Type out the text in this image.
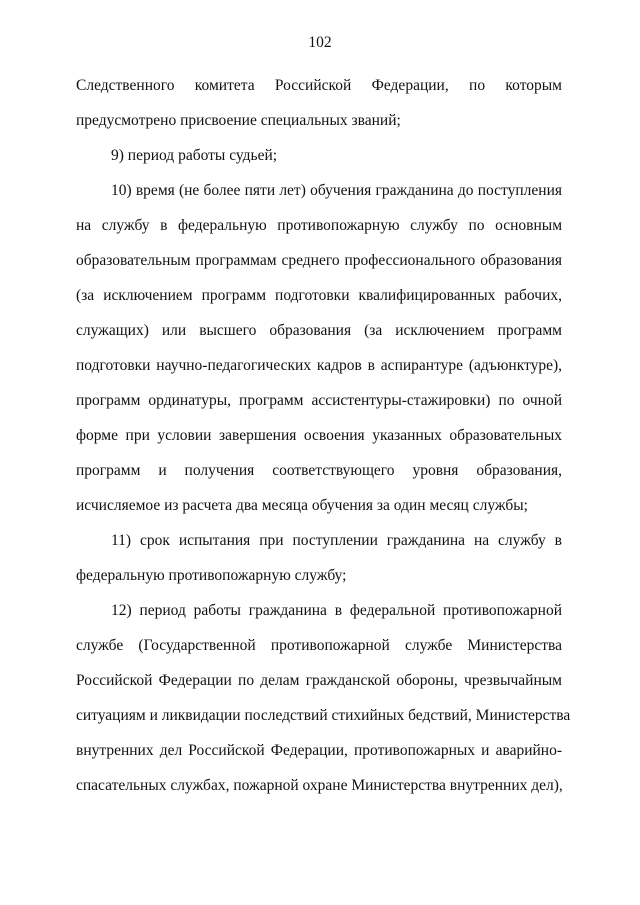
102
Следственного комитета Российской Федерации, по которым
предусмотрено присвоение специальных званий;
9) период работы судьей;
10) время (не более пяти лет) обучения гражданина до поступления
на службу в федеральную противопожарную службу по основным
образовательным программам среднего профессионального образования
(за исключением программ подготовки квалифицированных рабочих,
служащих) или высшего образования (за исключением программ
подготовки научно-педагогических кадров в аспирантуре (адъюнктуре),
программ ординатуры, программ ассистентуры-стажировки) по очной
форме при условии завершения освоения указанных образовательных
программ и получения соответствующего уровня образования,
исчисляемое из расчета два месяца обучения за один месяц службы;
11) срок испытания при поступлении гражданина на службу в
федеральную противопожарную службу;
12) период работы гражданина в федеральной противопожарной
службе (Государственной противопожарной службе Министерства
Российской Федерации по делам гражданской обороны, чрезвычайным
ситуациям и ликвидации последствий стихийных бедствий, Министерства
внутренних дел Российской Федерации, противопожарных и аварийно-
спасательных службах, пожарной охране Министерства внутренних дел),
